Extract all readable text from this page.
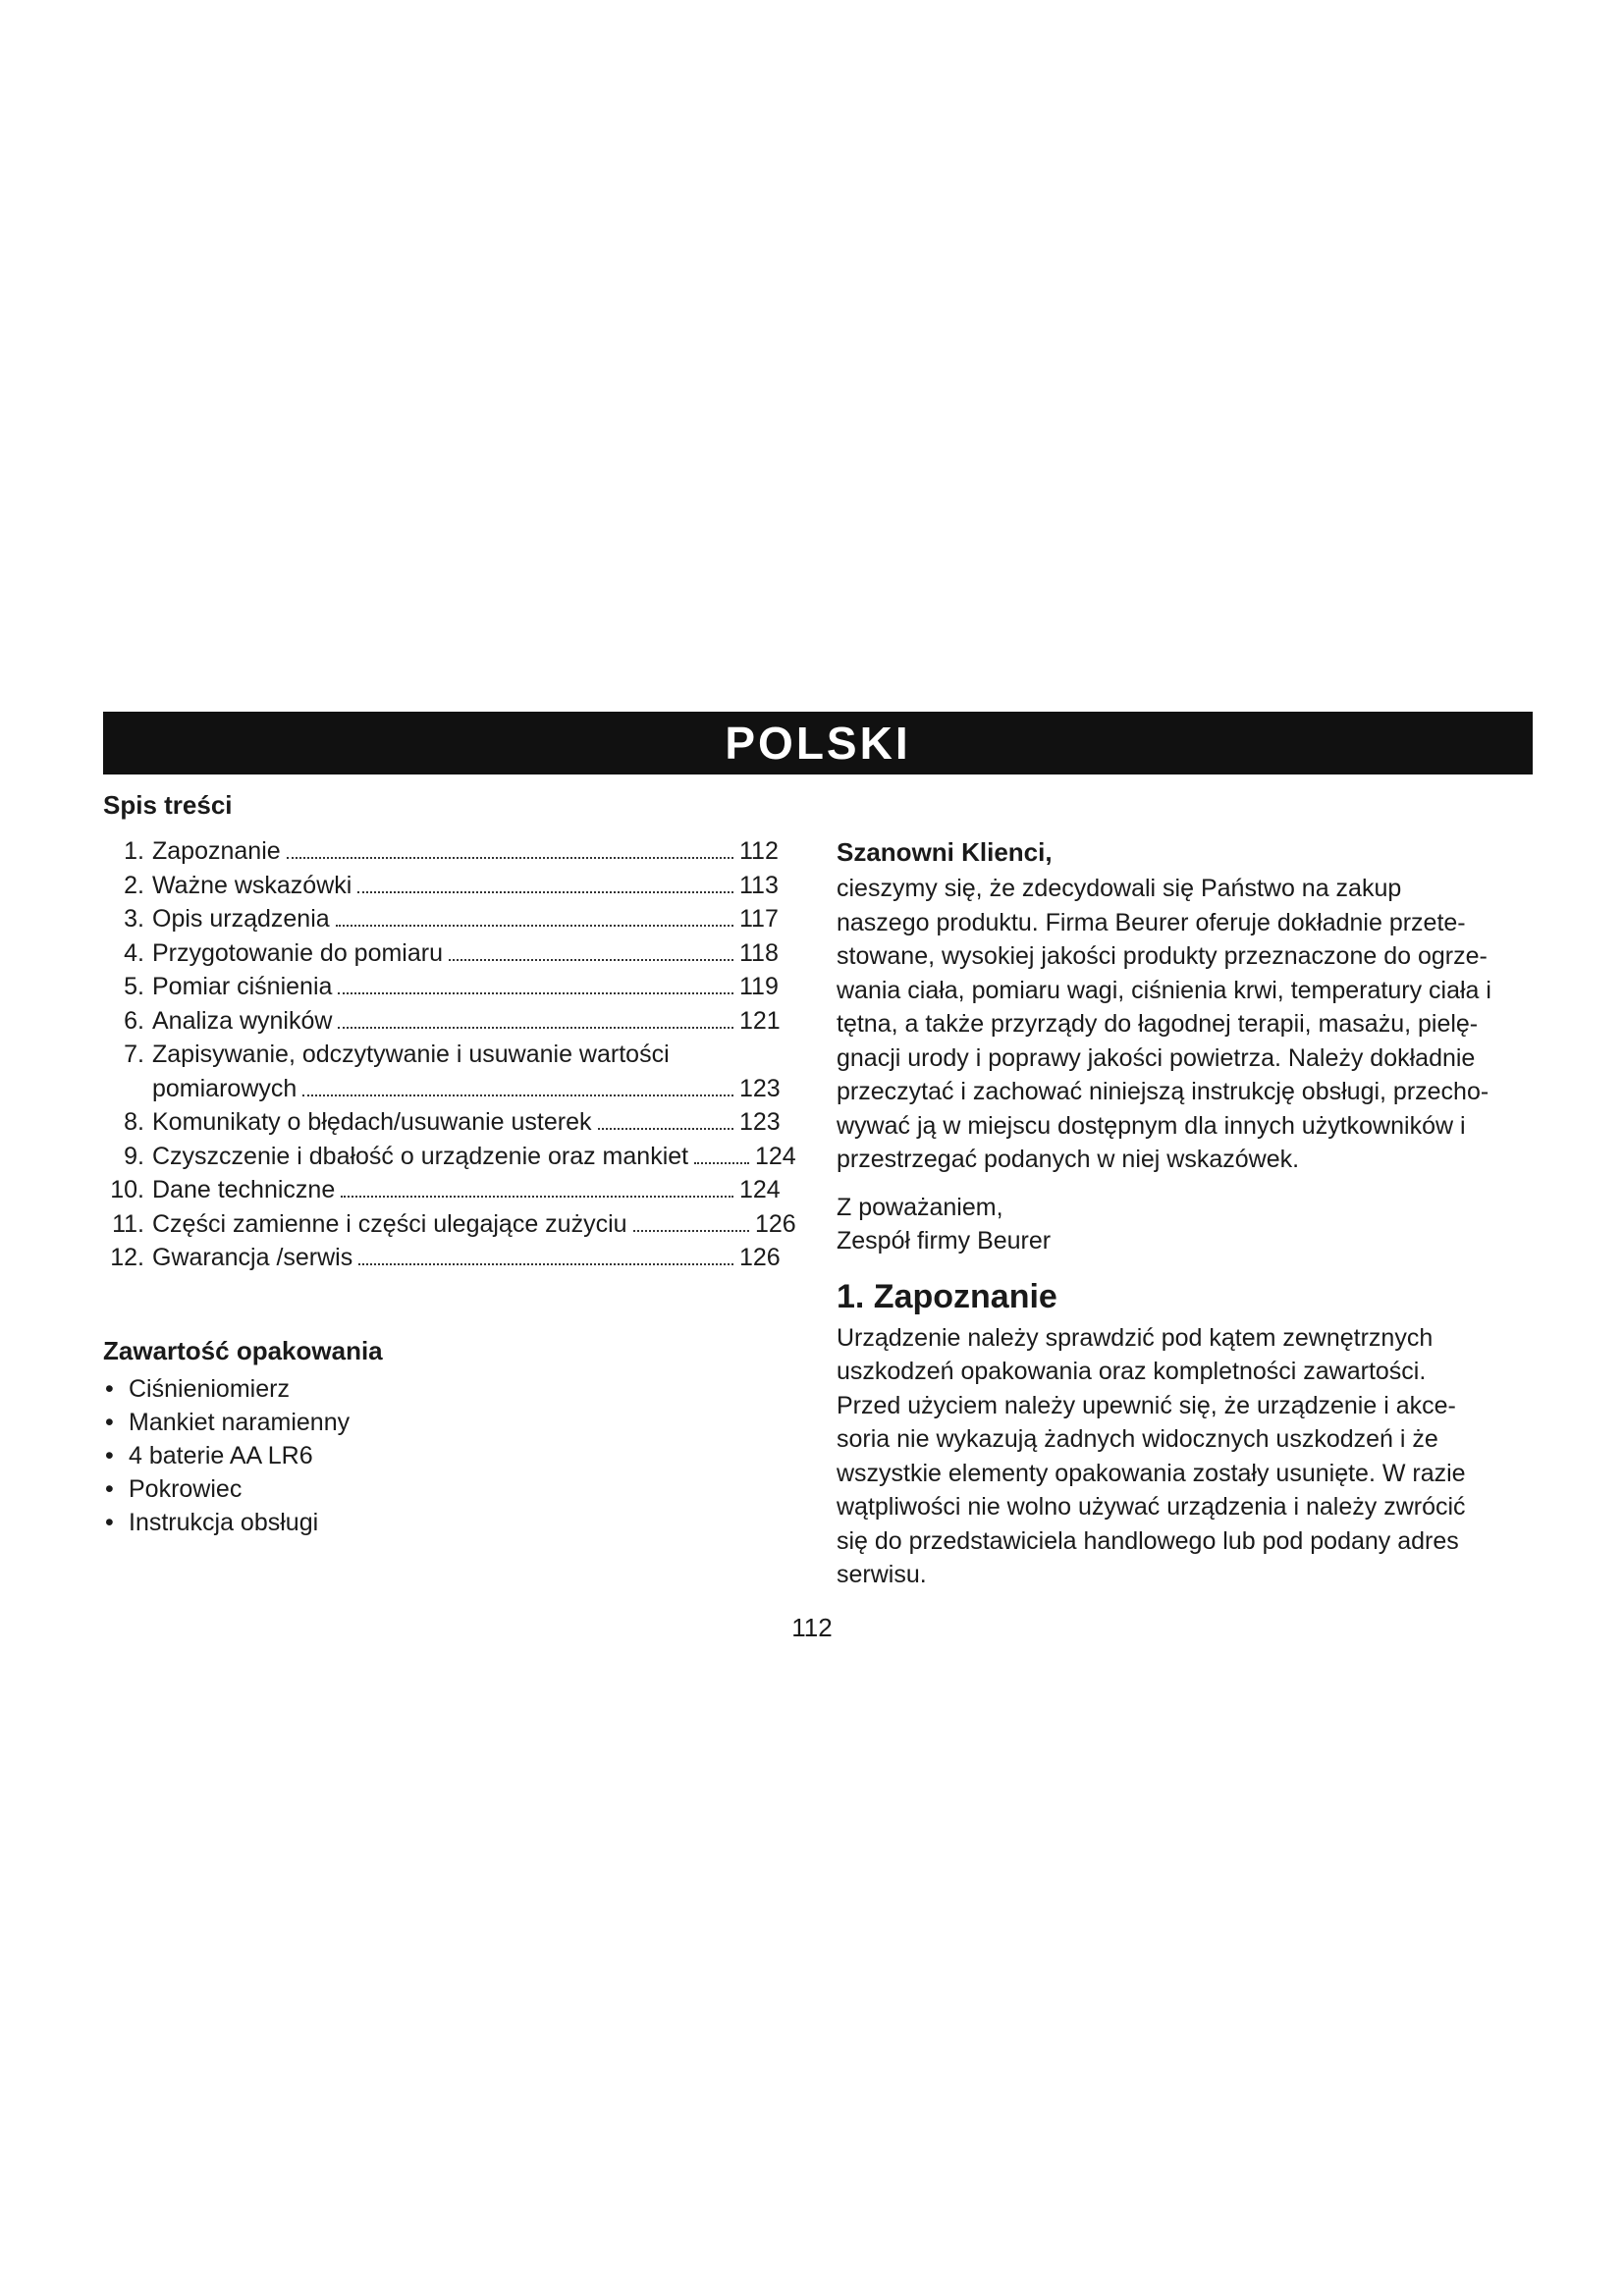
POLSKI
Spis treści
1. Zapoznanie	112
2. Ważne wskazówki	113
3. Opis urządzenia	117
4. Przygotowanie do pomiaru	118
5. Pomiar ciśnienia	119
6. Analiza wyników	121
7. Zapisywanie, odczytywanie i usuwanie wartości
pomiarowych	123
8. Komunikaty o błędach/usuwanie usterek	123
9. Czyszczenie i dbałość o urządzenie oraz mankiet	124
10. Dane techniczne	124
11. Części zamienne i części ulegające zużyciu	126
12. Gwarancja /serwis	126
Zawartość opakowania
• Ciśnieniomierz
• Mankiet naramienny
• 4 baterie AA LR6
• Pokrowiec
• Instrukcja obsługi
Szanowni Klienci,

cieszymy się, że zdecydowali się Państwo na zakup

naszego produktu. Firma Beurer oferuje dokładnie przete-

stowane, wysokiej jakości produkty przeznaczone do ogrze-

wania ciała, pomiaru wagi, ciśnienia krwi, temperatury ciała i

tętna, a także przyrządy do łagodnej terapii, masażu, pielę-

gnacji urody i poprawy jakości powietrza. Należy dokładnie

przeczytać i zachować niniejszą instrukcję obsługi, przecho-

wywać ją w miejscu dostępnym dla innych użytkowników i

przestrzegać podanych w niej wskazówek.

Z poważaniem,

Zespół firmy Beurer

1. Zapoznanie

Urządzenie należy sprawdzić pod kątem zewnętrznych

uszkodzeń opakowania oraz kompletności zawartości.

Przed użyciem należy upewnić się, że urządzenie i akce-

soria nie wykazują żadnych widocznych uszkodzeń i że

wszystkie elementy opakowania zostały usunięte. W razie

wątpliwości nie wolno używać urządzenia i należy zwrócić

się do przedstawiciela handlowego lub pod podany adres

serwisu.

112
